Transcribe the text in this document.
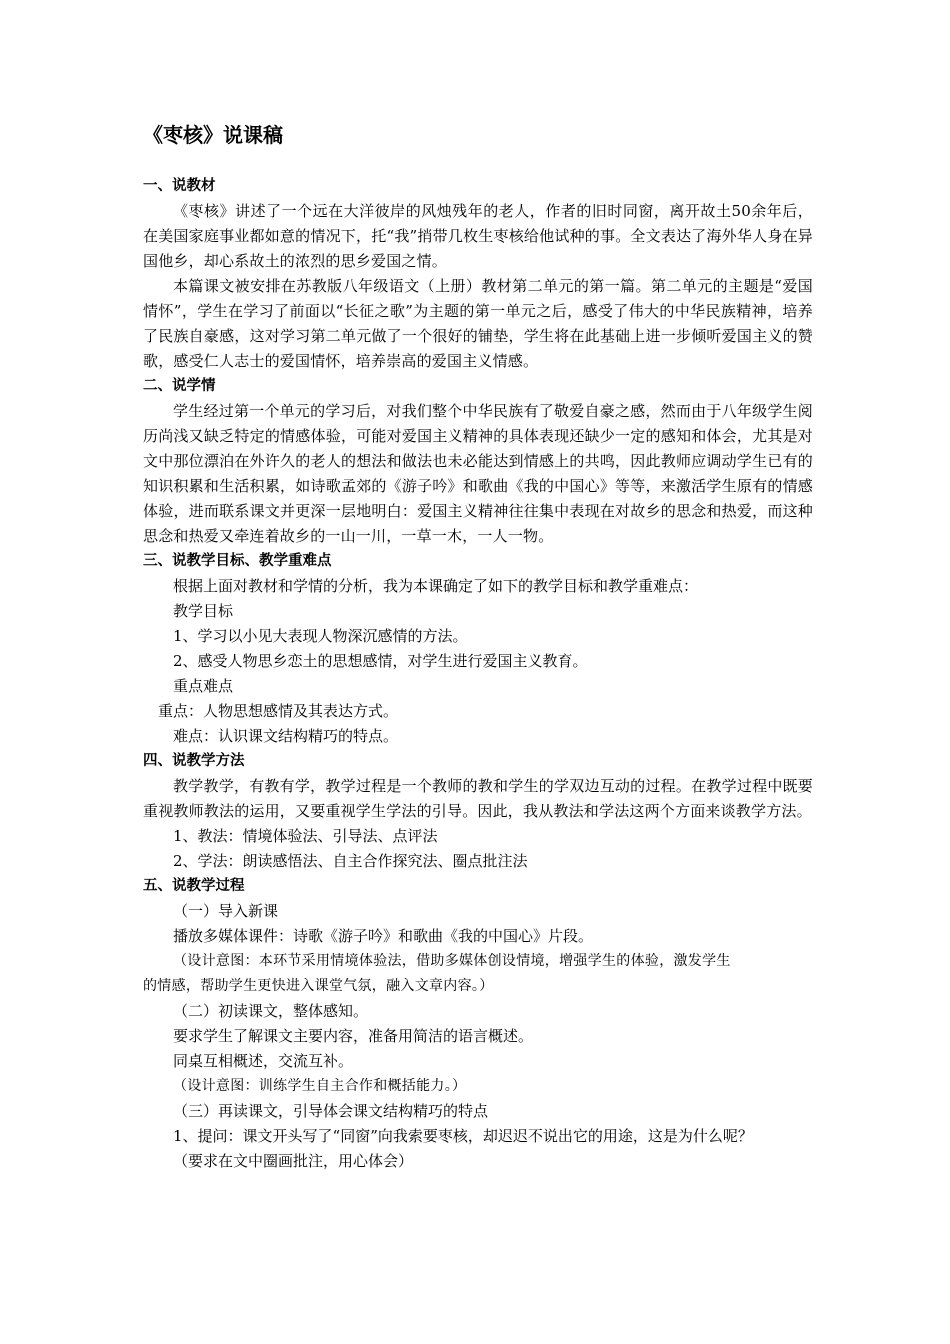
《枣核》说课稿
一、说教材
《枣核》讲述了一个远在大洋彼岸的风烛残年的老人，作者的旧时同窗，离开故土50余年后，在美国家庭事业都如意的情况下，托“我”捎带几枚生枣核给他试种的事。全文表达了海外华人身在异国他乡，却心系故土的浓烈的思乡爱国之情。
本篇课文被安排在苏教版八年级语文（上册）教材第二单元的第一篇。第二单元的主题是“爱国情怀”，学生在学习了前面以“长征之歌”为主题的第一单元之后，感受了伟大的中华民族精神，培养了民族自豪感，这对学习第二单元做了一个很好的铺垫，学生将在此基础上进一步倾听爱国主义的赞歌，感受仁人志士的爱国情怀，培养崇高的爱国主义情感。
二、说学情
学生经过第一个单元的学习后，对我们整个中华民族有了敬爱自豪之感，然而由于八年级学生阅历尚浅又缺乏特定的情感体验，可能对爱国主义精神的具体表现还缺少一定的感知和体会，尤其是对文中那位漂泊在外许久的老人的想法和做法也未必能达到情感上的共鸣，因此教师应调动学生已有的知识积累和生活积累，如诗歌孟郊的《游子吟》和歌曲《我的中国心》等等，来激活学生原有的情感体验，进而联系课文并更深一层地明白：爱国主义精神往往集中表现在对故乡的思念和热爱，而这种思念和热爱又牵连着故乡的一山一川，一草一木，一人一物。
三、说教学目标、教学重难点
根据上面对教材和学情的分析，我为本课确定了如下的教学目标和教学重难点：
教学目标
1、学习以小见大表现人物深沉感情的方法。
2、感受人物思乡恋土的思想感情，对学生进行爱国主义教育。
重点难点
重点：人物思想感情及其表达方式。
难点：认识课文结构精巧的特点。
四、说教学方法
教学教学，有教有学，教学过程是一个教师的教和学生的学双边互动的过程。在教学过程中既要重视教师教法的运用，又要重视学生学法的引导。因此，我从教法和学法这两个方面来谈教学方法。
1、教法：情境体验法、引导法、点评法
2、学法：朗读感悟法、自主合作探究法、圈点批注法
五、说教学过程
（一）导入新课
播放多媒体课件：诗歌《游子吟》和歌曲《我的中国心》片段。
（设计意图：本环节采用情境体验法，借助多媒体创设情境，增强学生的体验，激发学生
的情感，帮助学生更快进入课堂气氛，融入文章内容。）
（二）初读课文，整体感知。
要求学生了解课文主要内容，准备用简洁的语言概述。
同桌互相概述，交流互补。
（设计意图：训练学生自主合作和概括能力。）
（三）再读课文，引导体会课文结构精巧的特点
1、提问：课文开头写了“同窗”向我索要枣核，却迟迟不说出它的用途，这是为什么呢？
（要求在文中圈画批注，用心体会）
